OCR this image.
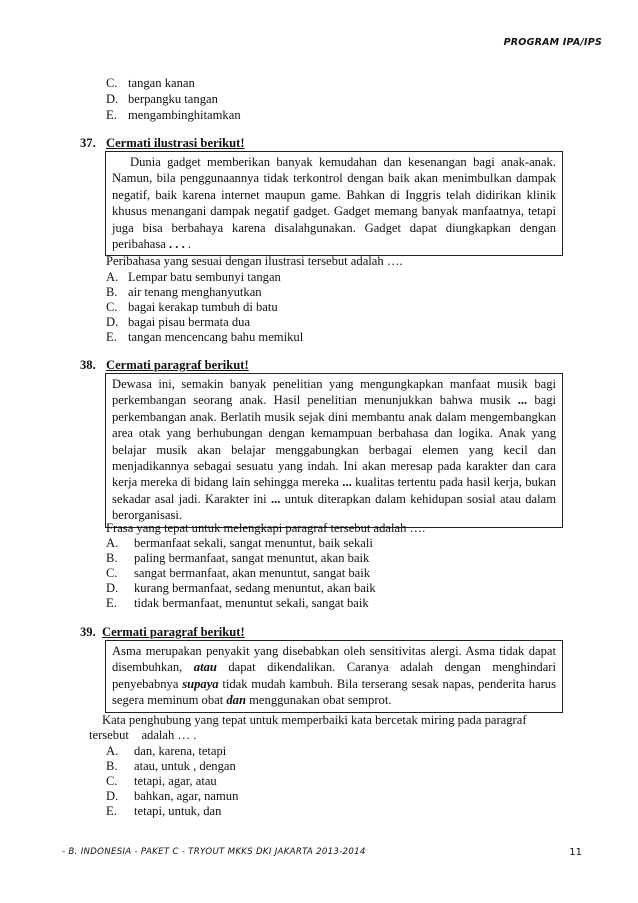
PROGRAM IPA/IPS
C. tangan kanan
D. berpangku tangan
E. mengambinghitamkan
37. Cermati ilustrasi berikut!

Dunia gadget memberikan banyak kemudahan dan kesenangan bagi anak-anak. Namun, bila penggunaannya tidak terkontrol dengan baik akan menimbulkan dampak negatif, baik karena internet maupun game. Bahkan di Inggris telah didirikan klinik khusus menangani dampak negatif gadget. Gadget memang banyak manfaatnya, tetapi juga bisa berbahaya karena disalahgunakan. Gadget dapat diungkapkan dengan peribahasa . . . .

Peribahasa yang sesuai dengan ilustrasi tersebut adalah ….
A. Lempar batu sembunyi tangan
B. air tenang menghanyutkan
C. bagai kerakap tumbuh di batu
D. bagai pisau bermata dua
E. tangan mencencang bahu memikul
38. Cermati paragraf berikut!

Dewasa ini, semakin banyak penelitian yang mengungkapkan manfaat musik bagi perkembangan seorang anak. Hasil penelitian menunjukkan bahwa musik ... bagi perkembangan anak. Berlatih musik sejak dini membantu anak dalam mengembangkan area otak yang berhubungan dengan kemampuan berbahasa dan logika. Anak yang belajar musik akan belajar menggabungkan berbagai elemen yang kecil dan menjadikannya sebagai sesuatu yang indah. Ini akan meresap pada karakter dan cara kerja mereka di bidang lain sehingga mereka ... kualitas tertentu pada hasil kerja, bukan sekadar asal jadi. Karakter ini ... untuk diterapkan dalam kehidupan sosial atau dalam berorganisasi.

Frasa yang tepat untuk melengkapi paragraf tersebut adalah ….
A. bermanfaat sekali, sangat menuntut, baik sekali
B. paling bermanfaat, sangat menuntut, akan baik
C. sangat bermanfaat, akan menuntut, sangat baik
D. kurang bermanfaat, sedang menuntut, akan baik
E. tidak bermanfaat, menuntut sekali, sangat baik
39. Cermati paragraf berikut!

Asma merupakan penyakit yang disebabkan oleh sensitivitas alergi. Asma tidak dapat disembuhkan, atau dapat dikendalikan. Caranya adalah dengan menghindari penyebabnya supaya tidak mudah kambuh. Bila terserang sesak napas, penderita harus segera meminum obat dan menggunakan obat semprot.

Kata penghubung yang tepat untuk memperbaiki kata bercetak miring pada paragraf
tersebut    adalah … .
A. dan, karena, tetapi
B. atau, untuk , dengan
C. tetapi, agar, atau
D. bahkan, agar, namun
E. tetapi, untuk, dan
- B. INDONESIA - PAKET C - TRYOUT MKKS DKI JAKARTA 2013-2014	11
